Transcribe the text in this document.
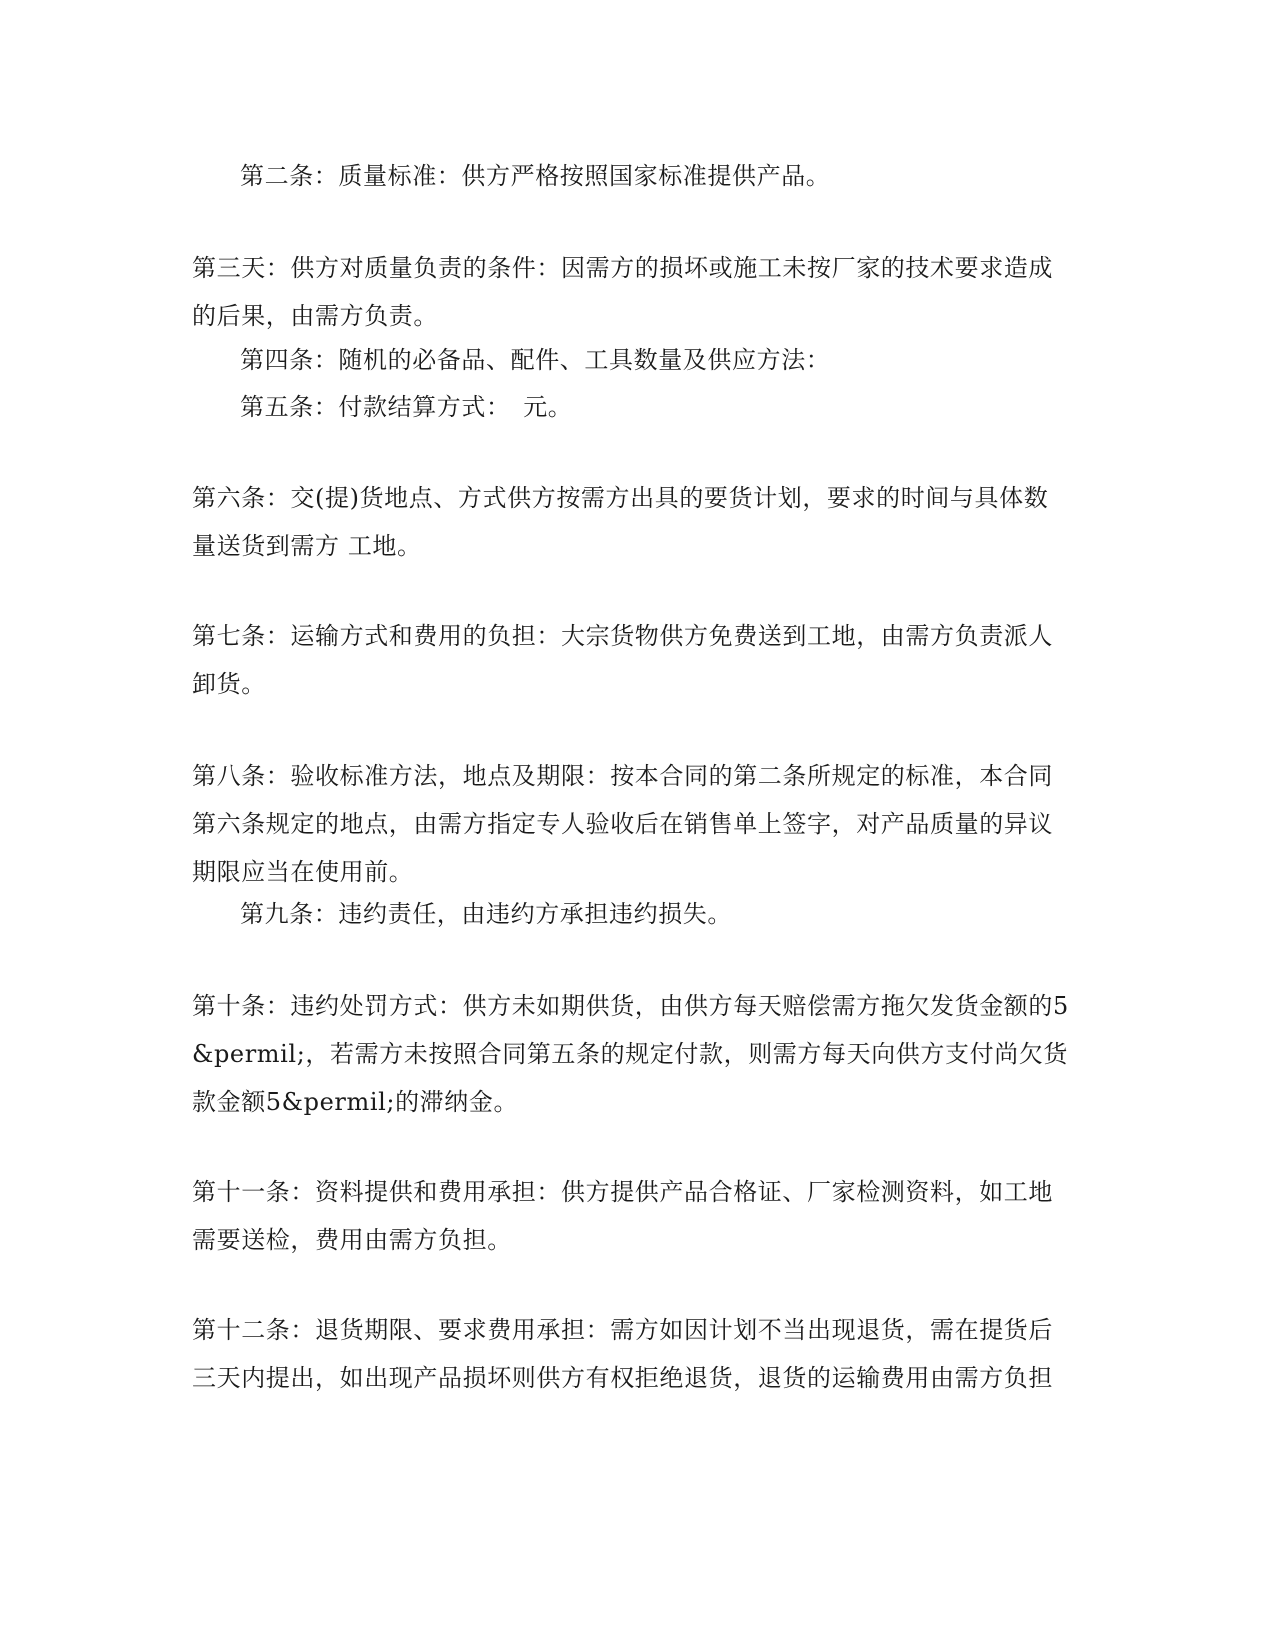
第二条：质量标准：供方严格按照国家标准提供产品。

第三天：供方对质量负责的条件：因需方的损坏或施工未按厂家的技术要求造成
的后果，由需方负责。

第四条：随机的必备品、配件、工具数量及供应方法：

第五条：付款结算方式：　元。

第六条：交(提)货地点、方式供方按需方出具的要货计划，要求的时间与具体数
量送货到需方 工地。

第七条：运输方式和费用的负担：大宗货物供方免费送到工地，由需方负责派人
卸货。

第八条：验收标准方法，地点及期限：按本合同的第二条所规定的标准，本合同
第六条规定的地点，由需方指定专人验收后在销售单上签字，对产品质量的异议
期限应当在使用前。

第九条：违约责任，由违约方承担违约损失。

第十条：违约处罚方式：供方未如期供货，由供方每天赔偿需方拖欠发货金额的5
&permil;，若需方未按照合同第五条的规定付款，则需方每天向供方支付尚欠货
款金额5&permil;的滞纳金。

第十一条：资料提供和费用承担：供方提供产品合格证、厂家检测资料，如工地
需要送检，费用由需方负担。

第十二条：退货期限、要求费用承担：需方如因计划不当出现退货，需在提货后
三天内提出，如出现产品损坏则供方有权拒绝退货，退货的运输费用由需方负担
